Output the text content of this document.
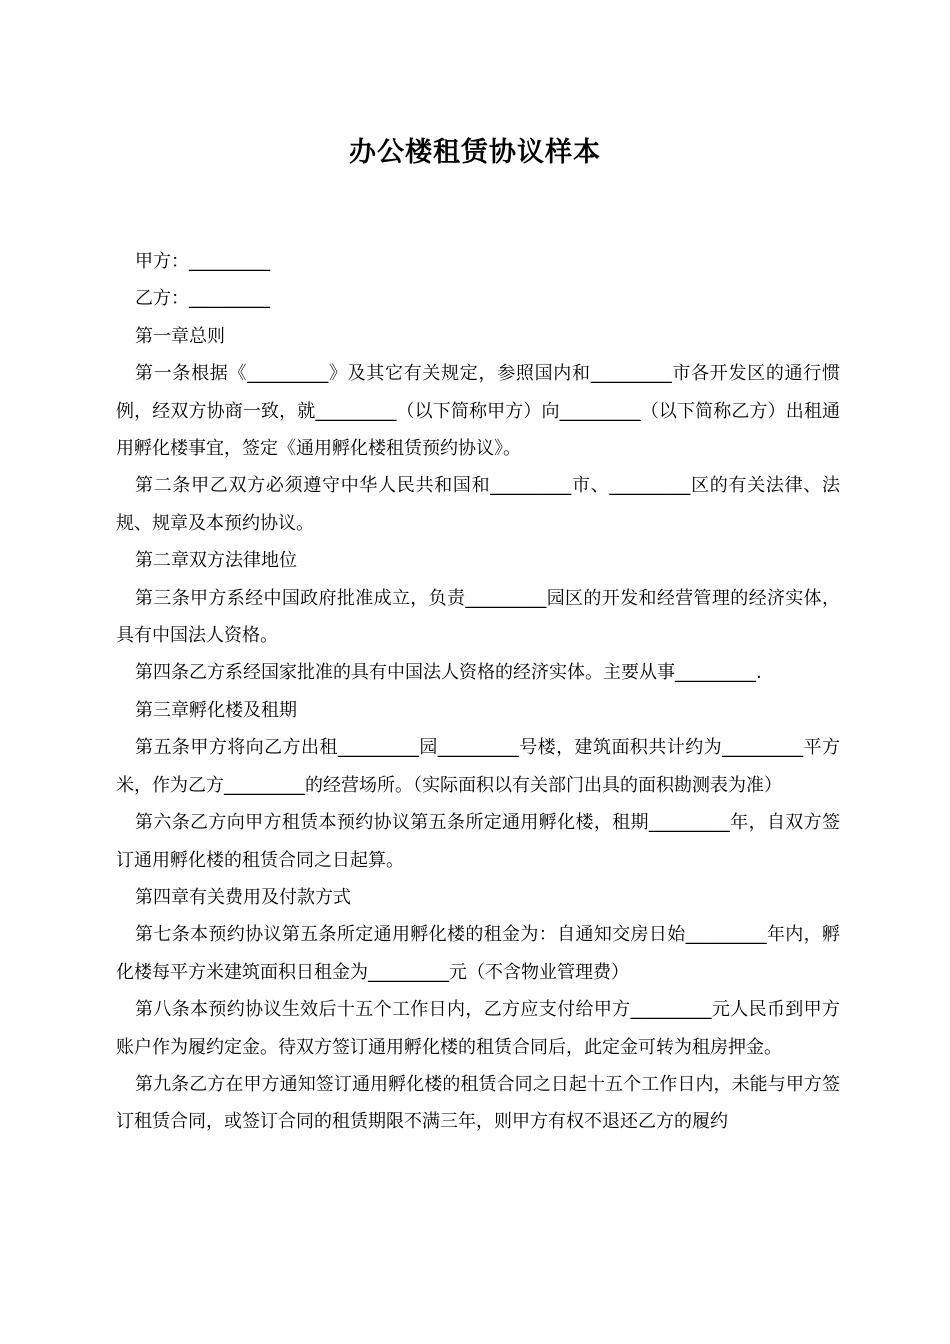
办公楼租赁协议样本

甲方：_________

乙方：_________

第一章总则

第一条根据《_________》及其它有关规定，参照国内和_________市各开发区的通行惯例，经双方协商一致，就_________（以下简称甲方）向_________（以下简称乙方）出租通用孵化楼事宜，签定《通用孵化楼租赁预约协议》。

第二条甲乙双方必须遵守中华人民共和国和_________市、_________区的有关法律、法规、规章及本预约协议。

第二章双方法律地位

第三条甲方系经中国政府批准成立，负责_________园区的开发和经营管理的经济实体，具有中国法人资格。

第四条乙方系经国家批准的具有中国法人资格的经济实体。主要从事_________.

第三章孵化楼及租期

第五条甲方将向乙方出租_________园_________号楼，建筑面积共计约为_________平方米，作为乙方_________的经营场所。（实际面积以有关部门出具的面积勘测表为准）

第六条乙方向甲方租赁本预约协议第五条所定通用孵化楼，租期_________年，自双方签订通用孵化楼的租赁合同之日起算。

第四章有关费用及付款方式

第七条本预约协议第五条所定通用孵化楼的租金为：自通知交房日始_________年内，孵化楼每平方米建筑面积日租金为_________元（不含物业管理费）

第八条本预约协议生效后十五个工作日内，乙方应支付给甲方_________元人民币到甲方账户作为履约定金。待双方签订通用孵化楼的租赁合同后，此定金可转为租房押金。

第九条乙方在甲方通知签订通用孵化楼的租赁合同之日起十五个工作日内，未能与甲方签订租赁合同，或签订合同的租赁期限不满三年，则甲方有权不退还乙方的履约
